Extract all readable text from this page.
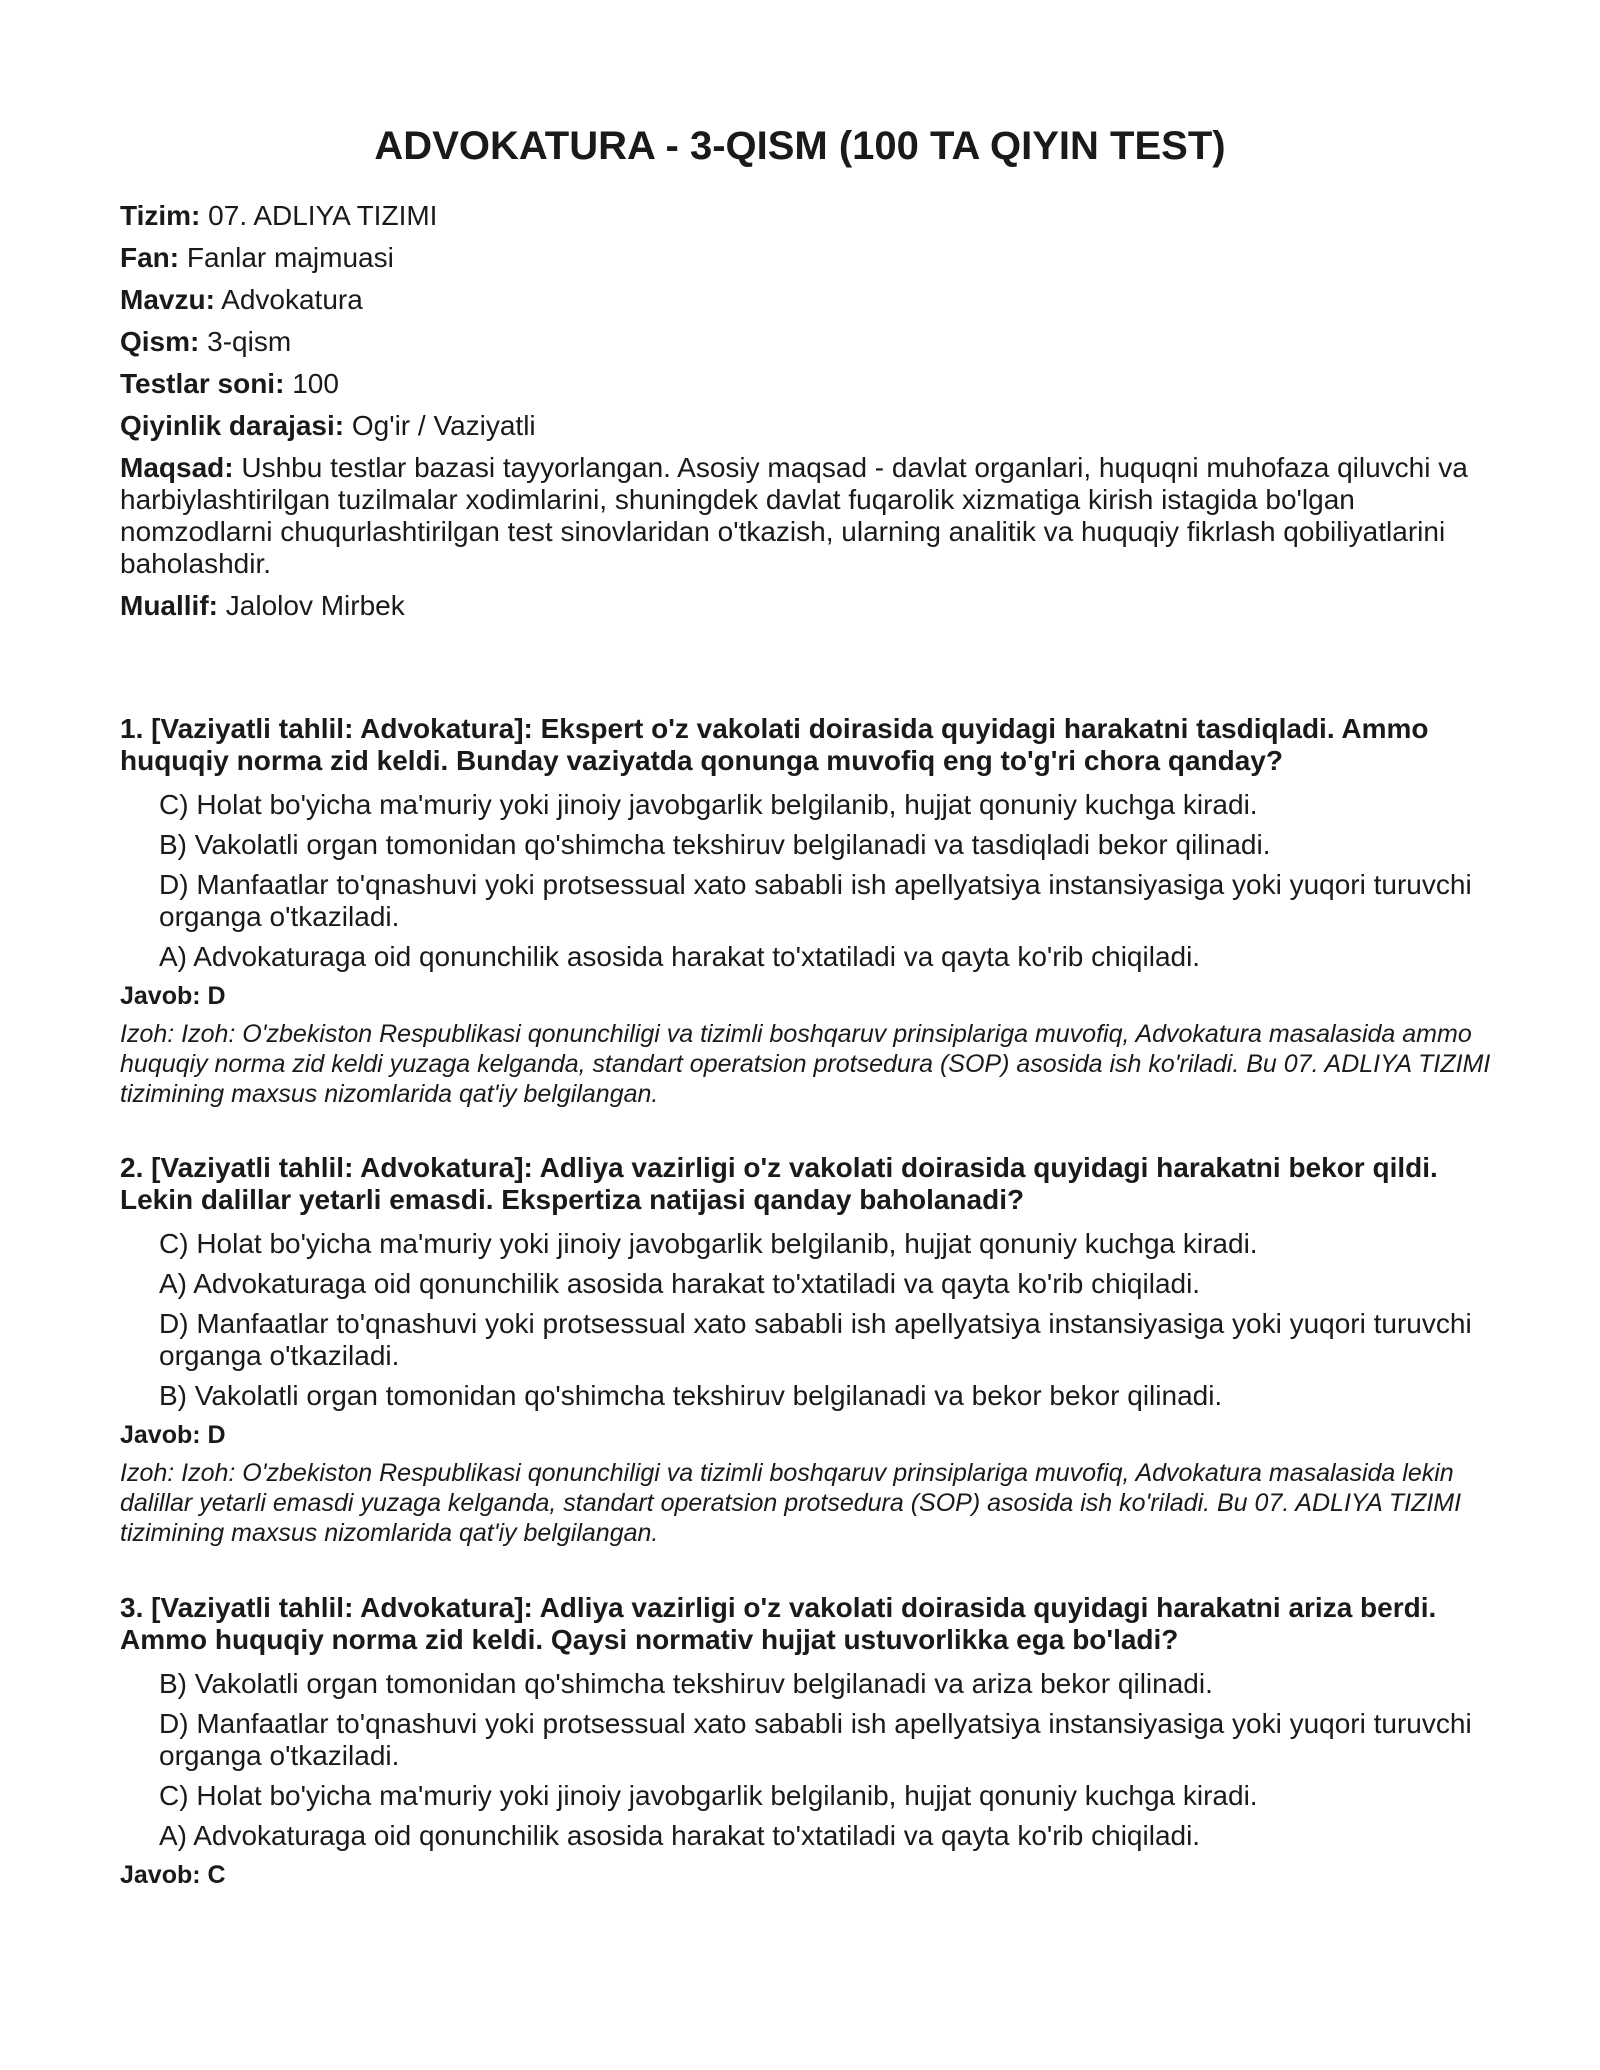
ADVOKATURA - 3-QISM (100 TA QIYIN TEST)

Tizim: 07. ADLIYA TIZIMI

Fan: Fanlar majmuasi

Mavzu: Advokatura

Qism: 3-qism

Testlar soni: 100

Qiyinlik darajasi: Og'ir / Vaziyatli

Maqsad: Ushbu testlar bazasi tayyorlangan. Asosiy maqsad - davlat organlari, huquqni muhofaza qiluvchi va harbiylashtirilgan tuzilmalar xodimlarini, shuningdek davlat fuqarolik xizmatiga kirish istagida bo'lgan nomzodlarni chuqurlashtirilgan test sinovlaridan o'tkazish, ularning analitik va huquqiy fikrlash qobiliyatlarini baholashdir.

Muallif: Jalolov Mirbek

1. [Vaziyatli tahlil: Advokatura]: Ekspert o'z vakolati doirasida quyidagi harakatni tasdiqladi. Ammo huquqiy norma zid keldi. Bunday vaziyatda qonunga muvofiq eng to'g'ri chora qanday?

C) Holat bo'yicha ma'muriy yoki jinoiy javobgarlik belgilanib, hujjat qonuniy kuchga kiradi.

B) Vakolatli organ tomonidan qo'shimcha tekshiruv belgilanadi va tasdiqladi bekor qilinadi.

D) Manfaatlar to'qnashuvi yoki protsessual xato sababli ish apellyatsiya instansiyasiga yoki yuqori turuvchi organga o'tkaziladi.

A) Advokaturaga oid qonunchilik asosida harakat to'xtatiladi va qayta ko'rib chiqiladi.

Javob: D

Izoh: Izoh: O'zbekiston Respublikasi qonunchiligi va tizimli boshqaruv prinsiplariga muvofiq, Advokatura masalasida ammo huquqiy norma zid keldi yuzaga kelganda, standart operatsion protsedura (SOP) asosida ish ko'riladi. Bu 07. ADLIYA TIZIMI tizimining maxsus nizomlarida qat'iy belgilangan.

2. [Vaziyatli tahlil: Advokatura]: Adliya vazirligi o'z vakolati doirasida quyidagi harakatni bekor qildi. Lekin dalillar yetarli emasdi. Ekspertiza natijasi qanday baholanadi?

C) Holat bo'yicha ma'muriy yoki jinoiy javobgarlik belgilanib, hujjat qonuniy kuchga kiradi.

A) Advokaturaga oid qonunchilik asosida harakat to'xtatiladi va qayta ko'rib chiqiladi.

D) Manfaatlar to'qnashuvi yoki protsessual xato sababli ish apellyatsiya instansiyasiga yoki yuqori turuvchi organga o'tkaziladi.

B) Vakolatli organ tomonidan qo'shimcha tekshiruv belgilanadi va bekor bekor qilinadi.

Javob: D

Izoh: Izoh: O'zbekiston Respublikasi qonunchiligi va tizimli boshqaruv prinsiplariga muvofiq, Advokatura masalasida lekin dalillar yetarli emasdi yuzaga kelganda, standart operatsion protsedura (SOP) asosida ish ko'riladi. Bu 07. ADLIYA TIZIMI tizimining maxsus nizomlarida qat'iy belgilangan.

3. [Vaziyatli tahlil: Advokatura]: Adliya vazirligi o'z vakolati doirasida quyidagi harakatni ariza berdi. Ammo huquqiy norma zid keldi. Qaysi normativ hujjat ustuvorlikka ega bo'ladi?

B) Vakolatli organ tomonidan qo'shimcha tekshiruv belgilanadi va ariza bekor qilinadi.

D) Manfaatlar to'qnashuvi yoki protsessual xato sababli ish apellyatsiya instansiyasiga yoki yuqori turuvchi organga o'tkaziladi.

C) Holat bo'yicha ma'muriy yoki jinoiy javobgarlik belgilanib, hujjat qonuniy kuchga kiradi.

A) Advokaturaga oid qonunchilik asosida harakat to'xtatiladi va qayta ko'rib chiqiladi.

Javob: C
